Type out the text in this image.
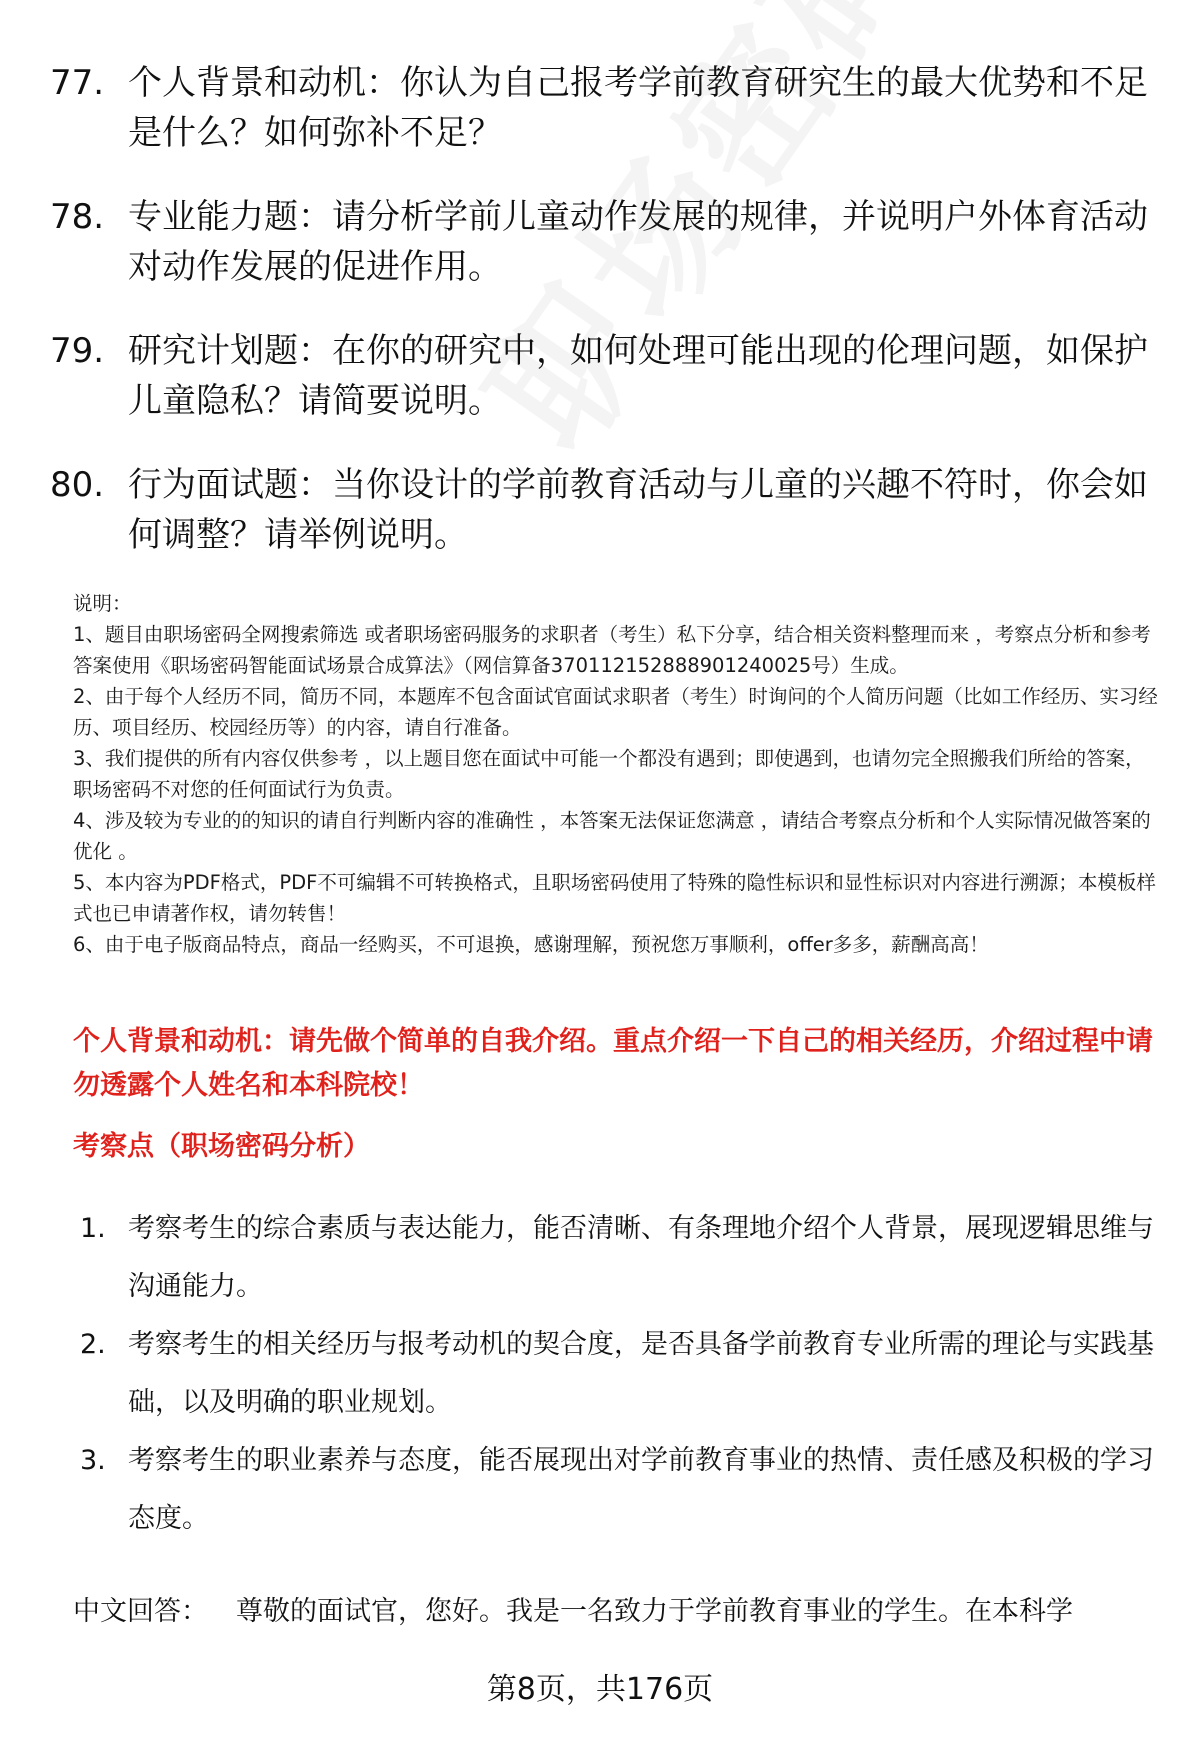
77. 个人背景和动机：你认为自己报考学前教育研究生的最大优势和不足是什么？如何弥补不足？
78. 专业能力题：请分析学前儿童动作发展的规律，并说明户外体育活动对动作发展的促进作用。
79. 研究计划题：在你的研究中，如何处理可能出现的伦理问题，如保护儿童隐私？请简要说明。
80. 行为面试题：当你设计的学前教育活动与儿童的兴趣不符时，你会如何调整？请举例说明。

说明：

1、题目由职场密码全网搜索筛选 或者职场密码服务的求职者（考生）私下分享，结合相关资料整理而来 ，考察点分析和参考答案使用《职场密码智能面试场景合成算法》（网信算备370112152888901240025号）生成。

2、由于每个人经历不同，简历不同，本题库不包含面试官面试求职者（考生）时询问的个人简历问题（比如工作经历、实习经历、项目经历、校园经历等）的内容，请自行准备。

3、我们提供的所有内容仅供参考 ，以上题目您在面试中可能一个都没有遇到；即使遇到，也请勿完全照搬我们所给的答案，职场密码不对您的任何面试行为负责。

4、涉及较为专业的的知识的请自行判断内容的准确性 ，本答案无法保证您满意 ，请结合考察点分析和个人实际情况做答案的优化 。

5、本内容为PDF格式，PDF不可编辑不可转换格式，且职场密码使用了特殊的隐性标识和显性标识对内容进行溯源；本模板样式也已申请著作权，请勿转售！

6、由于电子版商品特点，商品一经购买，不可退换，感谢理解，预祝您万事顺利，offer多多，薪酬高高！

个人背景和动机：请先做个简单的自我介绍。重点介绍一下自己的相关经历，介绍过程中请勿透露个人姓名和本科院校！
考察点（职场密码分析）
1. 考察考生的综合素质与表达能力，能否清晰、有条理地介绍个人背景，展现逻辑思维与沟通能力。
2. 考察考生的相关经历与报考动机的契合度，是否具备学前教育专业所需的理论与实践基础，以及明确的职业规划。
3. 考察考生的职业素养与态度，能否展现出对学前教育事业的热情、责任感及积极的学习态度。
中文回答： 尊敬的面试官，您好。我是一名致力于学前教育事业的学生。在本科学
第8页，共176页
